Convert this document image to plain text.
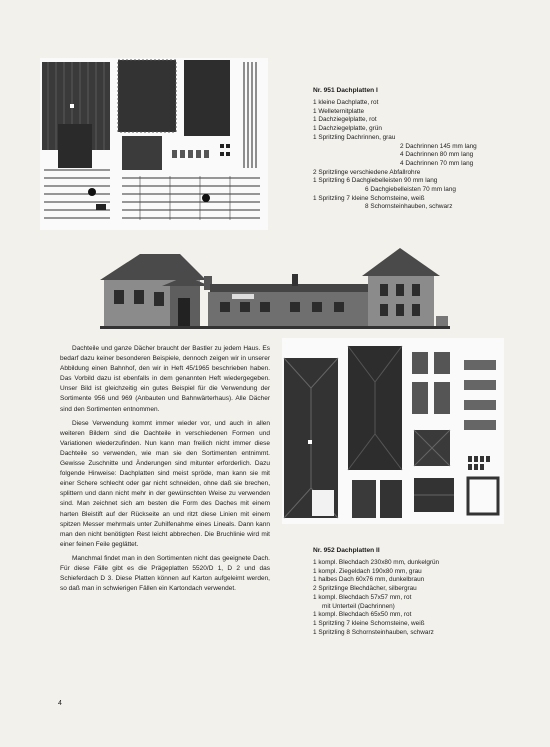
Nr. 951 Dachplatten I
1 kleine Dachplatte, rot
1 Welleternitplatte
1 Dachziegelplatte, rot
1 Dachziegelplatte, grün
1 Spritzling Dachrinnen, grau
2 Dachrinnen 145 mm lang
4 Dachrinnen 80 mm lang
4 Dachrinnen 70 mm lang
2 Spritzlinge verschiedene Abfallrohre
1 Spritzling 6 Dachgiebelleisten 90 mm lang
6 Dachgiebelleisten 70 mm lang
1 Spritzling 7 kleine Schornsteine, weiß
8 Schornsteinhauben, schwarz

Dachteile und ganze Dächer braucht der Bastler zu jedem Haus. Es bedarf dazu keiner besonderen Beispiele, dennoch zeigen wir in unserer Abbildung einen Bahnhof, den wir in Heft 45/1965 beschrieben haben. Das Vorbild dazu ist ebenfalls in dem genannten Heft wiedergegeben. Unser Bild ist gleichzeitig ein gutes Beispiel für die Verwendung der Sortimente 956 und 969 (Anbauten und Bahnwärterhaus). Alle Dächer sind den Sortimenten entnommen.

Diese Verwendung kommt immer wieder vor, und auch in allen weiteren Bildern sind die Dachteile in verschiedenen Formen und Variationen wiederzufinden. Nun kann man freilich nicht immer diese Dachteile so verwenden, wie man sie den Sortimenten entnimmt. Gewisse Zuschnitte und Änderungen sind mitunter erforderlich. Dazu folgende Hinweise: Dachplatten sind meist spröde, man kann sie mit einer Schere schlecht oder gar nicht schneiden, ohne daß sie brechen, splittern und dann nicht mehr in der gewünschten Weise zu verwenden sind. Man zeichnet sich am besten die Form des Daches mit einem harten Bleistift auf der Rückseite an und ritzt diese Linien mit einem spitzen Messer mehrmals unter Zuhilfenahme eines Lineals. Dann kann man den nicht benötigten Rest leicht abbrechen. Die Bruchlinie wird mit einer feinen Feile geglättet.

Manchmal findet man in den Sortimenten nicht das geeignete Dach. Für diese Fälle gibt es die Prägeplatten 5520/D 1, D 2 und das Schieferdach D 3. Diese Platten können auf Karton aufgeleimt werden, so daß man in schwierigen Fällen ein Kartondach verwendet.

Nr. 952 Dachplatten II
1 kompl. Blechdach 230x80 mm, dunkelgrün
1 kompl. Ziegeldach 190x80 mm, grau
1 halbes Dach 60x76 mm, dunkelbraun
2 Spritzlinge Blechdächer, silbergrau
1 kompl. Blechdach 57x57 mm, rot
mit Unterteil (Dachrinnen)
1 kompl. Blechdach 65x50 mm, rot
1 Spritzling 7 kleine Schornsteine, weiß
1 Spritzling 8 Schornsteinhauben, schwarz
4
